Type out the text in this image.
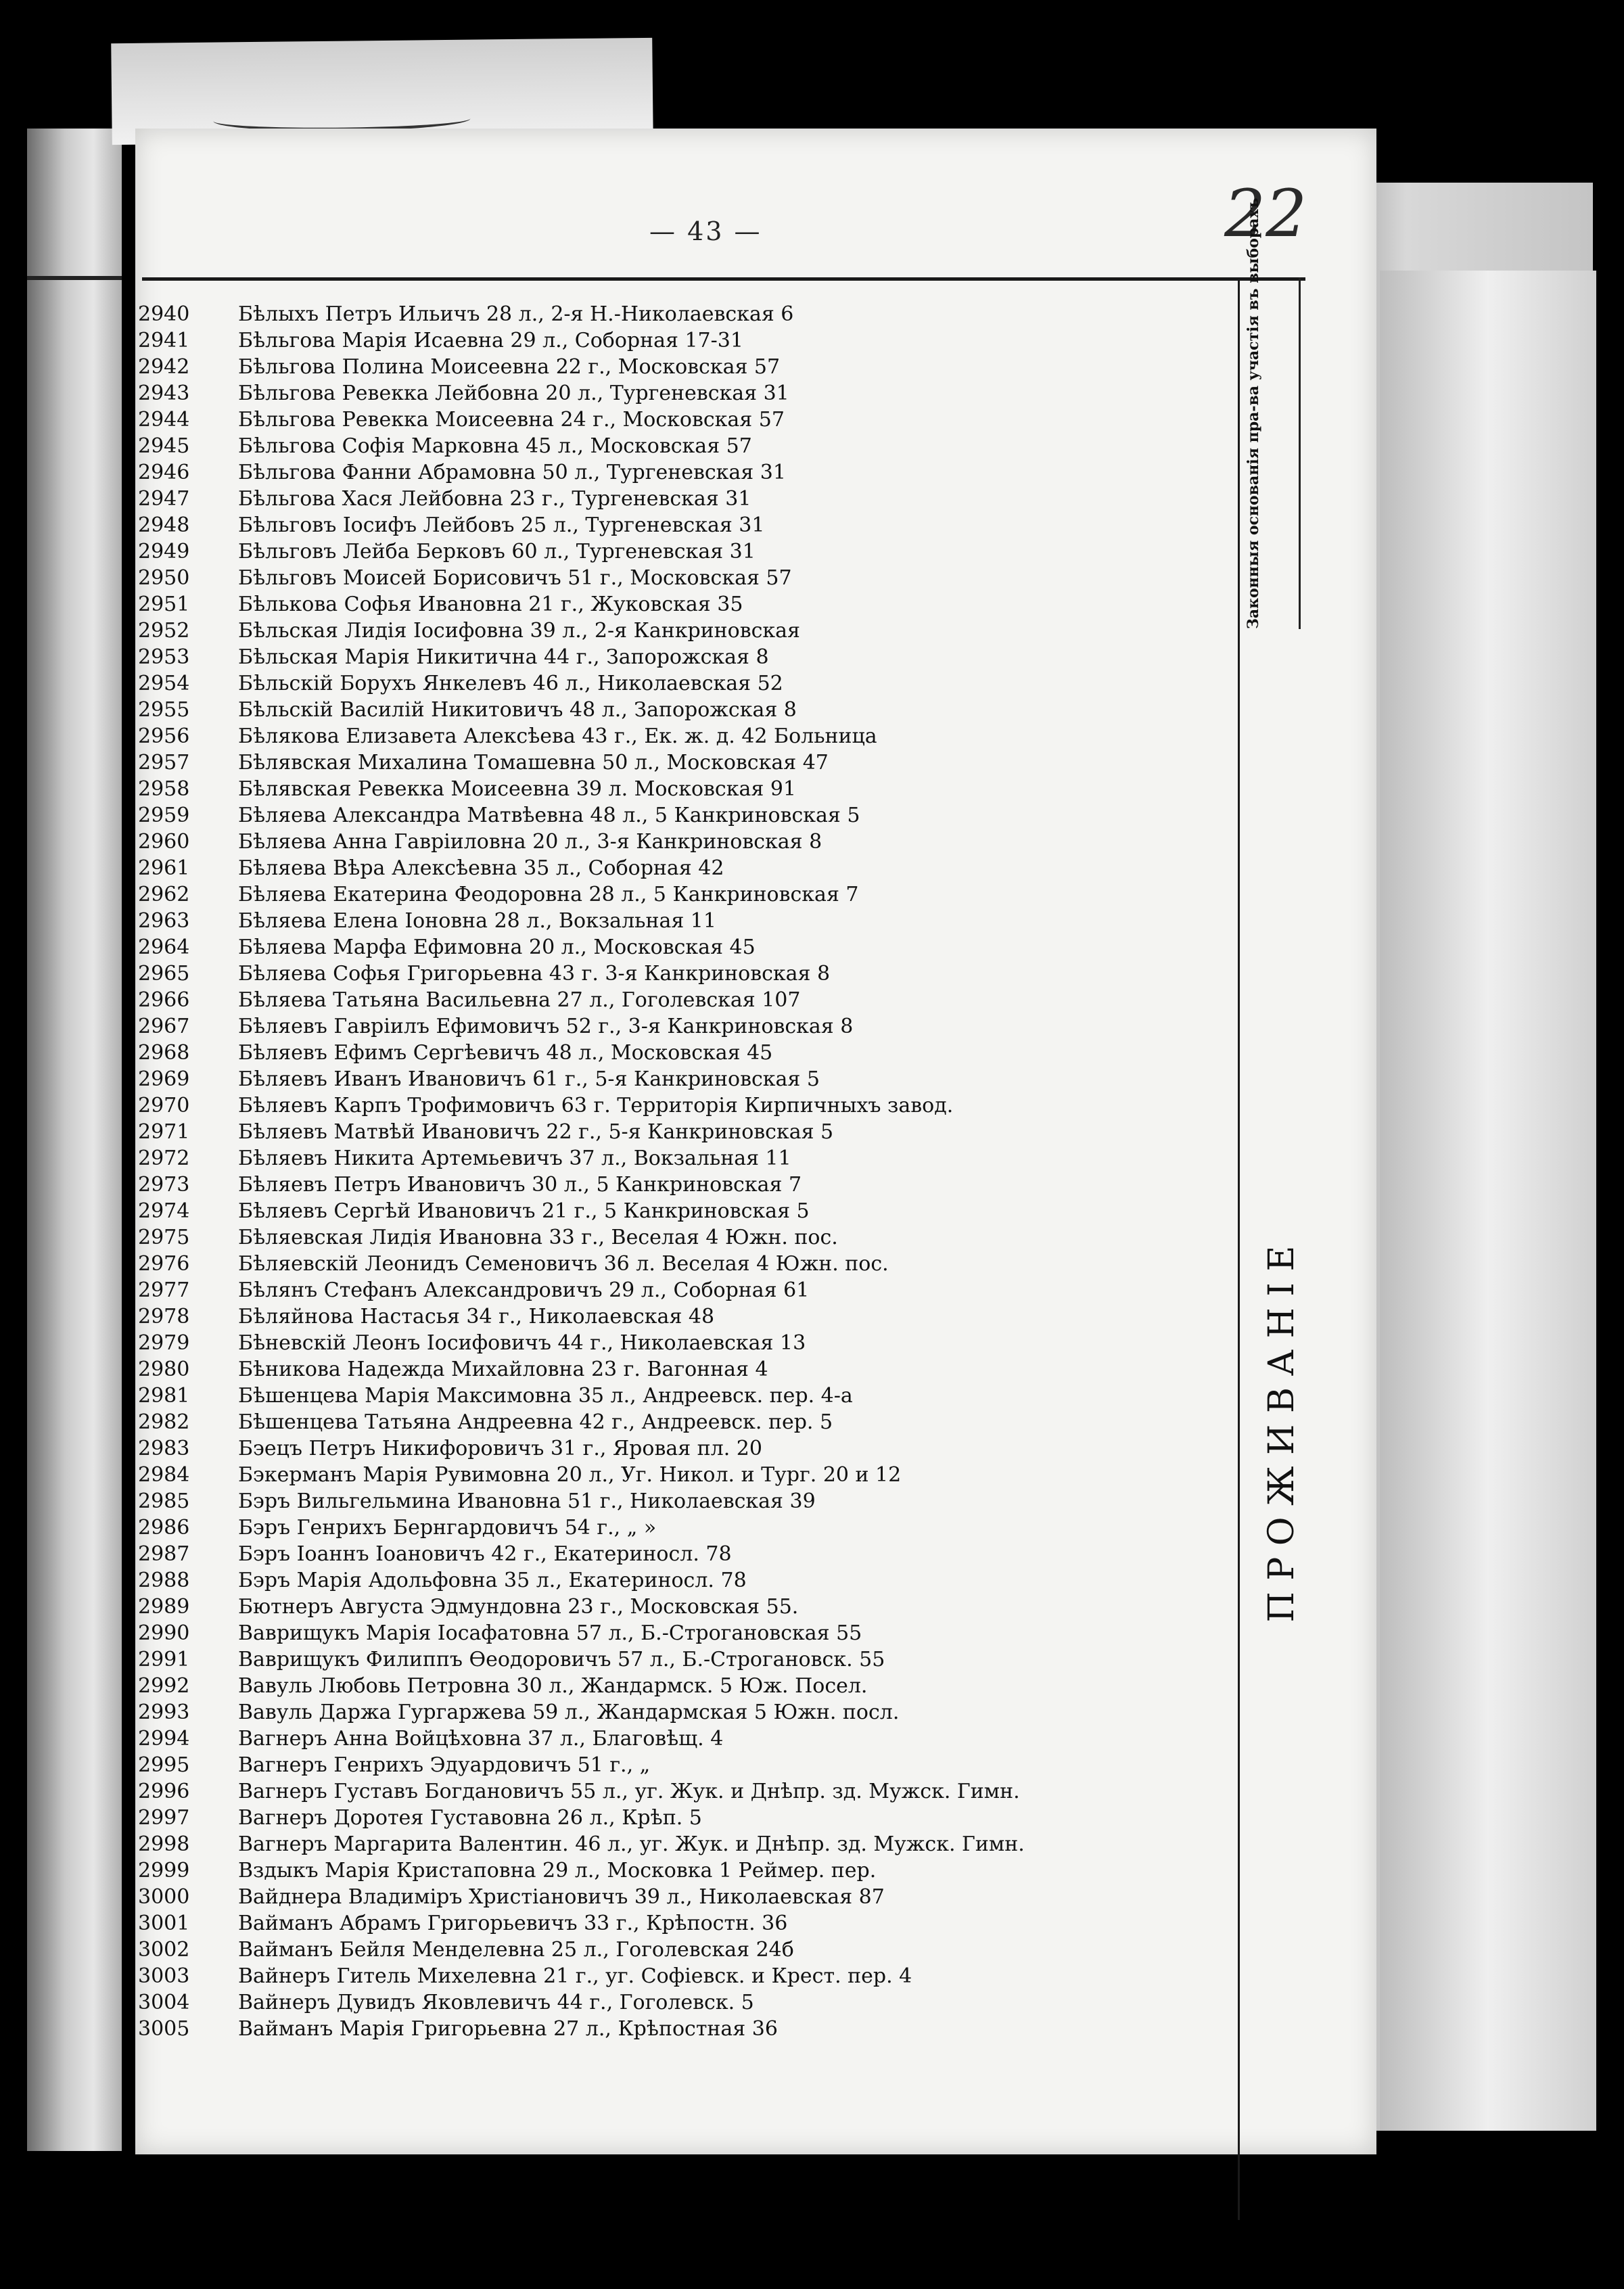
— 43 —	22
Законныя основанія пра-ва участія въ выборахъ
П Р О Ж И В А Н І Е
2940	Бѣлыхъ Петръ Ильичъ 28 л., 2-я Н.-Николаевская 6
2941	Бѣльгова Марія Исаевна 29 л., Соборная 17-31
2942	Бѣльгова Полина Моисеевна 22 г., Московская 57
2943	Бѣльгова Ревекка Лейбовна 20 л., Тургеневская 31
2944	Бѣльгова Ревекка Моисеевна 24 г., Московская 57
2945	Бѣльгова Софія Марковна 45 л., Московская 57
2946	Бѣльгова Фанни Абрамовна 50 л., Тургеневская 31
2947	Бѣльгова Хася Лейбовна 23 г., Тургеневская 31
2948	Бѣльговъ Іосифъ Лейбовъ 25 л., Тургеневская 31
2949	Бѣльговъ Лейба Берковъ 60 л., Тургеневская 31
2950	Бѣльговъ Моисей Борисовичъ 51 г., Московская 57
2951	Бѣлькова Софья Ивановна 21 г., Жуковская 35
2952	Бѣльская Лидія Іосифовна 39 л., 2-я Канкриновская
2953	Бѣльская Марія Никитична 44 г., Запорожская 8
2954	Бѣльскій Борухъ Янкелевъ 46 л., Николаевская 52
2955	Бѣльскій Василій Никитовичъ 48 л., Запорожская 8
2956	Бѣлякова Елизавета Алексѣева 43 г., Ек. ж. д. 42 Больница
2957	Бѣлявская Михалина Томашевна 50 л., Московская 47
2958	Бѣлявская Ревекка Моисеевна 39 л. Московская 91
2959	Бѣляева Александра Матвѣевна 48 л., 5 Канкриновская 5
2960	Бѣляева Анна Гавріиловна 20 л., 3-я Канкриновская 8
2961	Бѣляева Вѣра Алексѣевна 35 л., Соборная 42
2962	Бѣляева Екатерина Феодоровна 28 л., 5 Канкриновская 7
2963	Бѣляева Елена Іоновна 28 л., Вокзальная 11
2964	Бѣляева Марфа Ефимовна 20 л., Московская 45
2965	Бѣляева Софья Григорьевна 43 г. 3-я Канкриновская 8
2966	Бѣляева Татьяна Васильевна 27 л., Гоголевская 107
2967	Бѣляевъ Гавріилъ Ефимовичъ 52 г., 3-я Канкриновская 8
2968	Бѣляевъ Ефимъ Сергѣевичъ 48 л., Московская 45
2969	Бѣляевъ Иванъ Ивановичъ 61 г., 5-я Канкриновская 5
2970	Бѣляевъ Карпъ Трофимовичъ 63 г. Территорія Кирпичныхъ завод.
2971	Бѣляевъ Матвѣй Ивановичъ 22 г., 5-я Канкриновская 5
2972	Бѣляевъ Никита Артемьевичъ 37 л., Вокзальная 11
2973	Бѣляевъ Петръ Ивановичъ 30 л., 5 Канкриновская 7
2974	Бѣляевъ Сергѣй Ивановичъ 21 г., 5 Канкриновская 5
2975	Бѣляевская Лидія Ивановна 33 г., Веселая 4 Южн. пос.
2976	Бѣляевскій Леонидъ Семеновичъ 36 л. Веселая 4 Южн. пос.
2977	Бѣлянъ Стефанъ Александровичъ 29 л., Соборная 61
2978	Бѣляйнова Настасья 34 г., Николаевская 48
2979	Бѣневскій Леонъ Іосифовичъ 44 г., Николаевская 13
2980	Бѣникова Надежда Михайловна 23 г. Вагонная 4
2981	Бѣшенцева Марія Максимовна 35 л., Андреевск. пер. 4-а
2982	Бѣшенцева Татьяна Андреевна 42 г., Андреевск. пер. 5
2983	Бэецъ Петръ Никифоровичъ 31 г., Яровая пл. 20
2984	Бэкерманъ Марія Рувимовна 20 л., Уг. Никол. и Тург. 20 и 12
2985	Бэръ Вильгельмина Ивановна 51 г., Николаевская 39
2986	Бэръ Генрихъ Бернгардовичъ 54 г., „ »
2987	Бэръ Іоаннъ Іоановичъ 42 г., Екатериносл. 78
2988	Бэръ Марія Адольфовна 35 л., Екатериносл. 78
2989	Бютнеръ Августа Эдмундовна 23 г., Московская 55.
2990	Ваврищукъ Марія Іосафатовна 57 л., Б.-Строгановская 55
2991	Ваврищукъ Филиппъ Ѳеодоровичъ 57 л., Б.-Строгановск. 55
2992	Вавуль Любовь Петровна 30 л., Жандармск. 5 Юж. Посел.
2993	Вавуль Даржа Гургаржева 59 л., Жандармская 5 Южн. посл.
2994	Вагнеръ Анна Войцѣховна 37 л., Благовѣщ. 4
2995	Вагнеръ Генрихъ Эдуардовичъ 51 г., „
2996	Вагнеръ Густавъ Богдановичъ 55 л., уг. Жук. и Днѣпр. зд. Мужск. Гимн.
2997	Вагнеръ Доротея Густавовна 26 л., Крѣп. 5
2998	Вагнеръ Маргарита Валентин. 46 л., уг. Жук. и Днѣпр. зд. Мужск. Гимн.
2999	Вздыкъ Марія Кристаповна 29 л., Московка 1 Реймер. пер.
3000	Вайднера Владиміръ Христіановичъ 39 л., Николаевская 87
3001	Вайманъ Абрамъ Григорьевичъ 33 г., Крѣпостн. 36
3002	Вайманъ Бейля Менделевна 25 л., Гоголевская 24б
3003	Вайнеръ Гитель Михелевна 21 г., уг. Софіевск. и Крест. пер. 4
3004	Вайнеръ Дувидъ Яковлевичъ 44 г., Гоголевск. 5
3005	Вайманъ Марія Григорьевна 27 л., Крѣпостная 36
